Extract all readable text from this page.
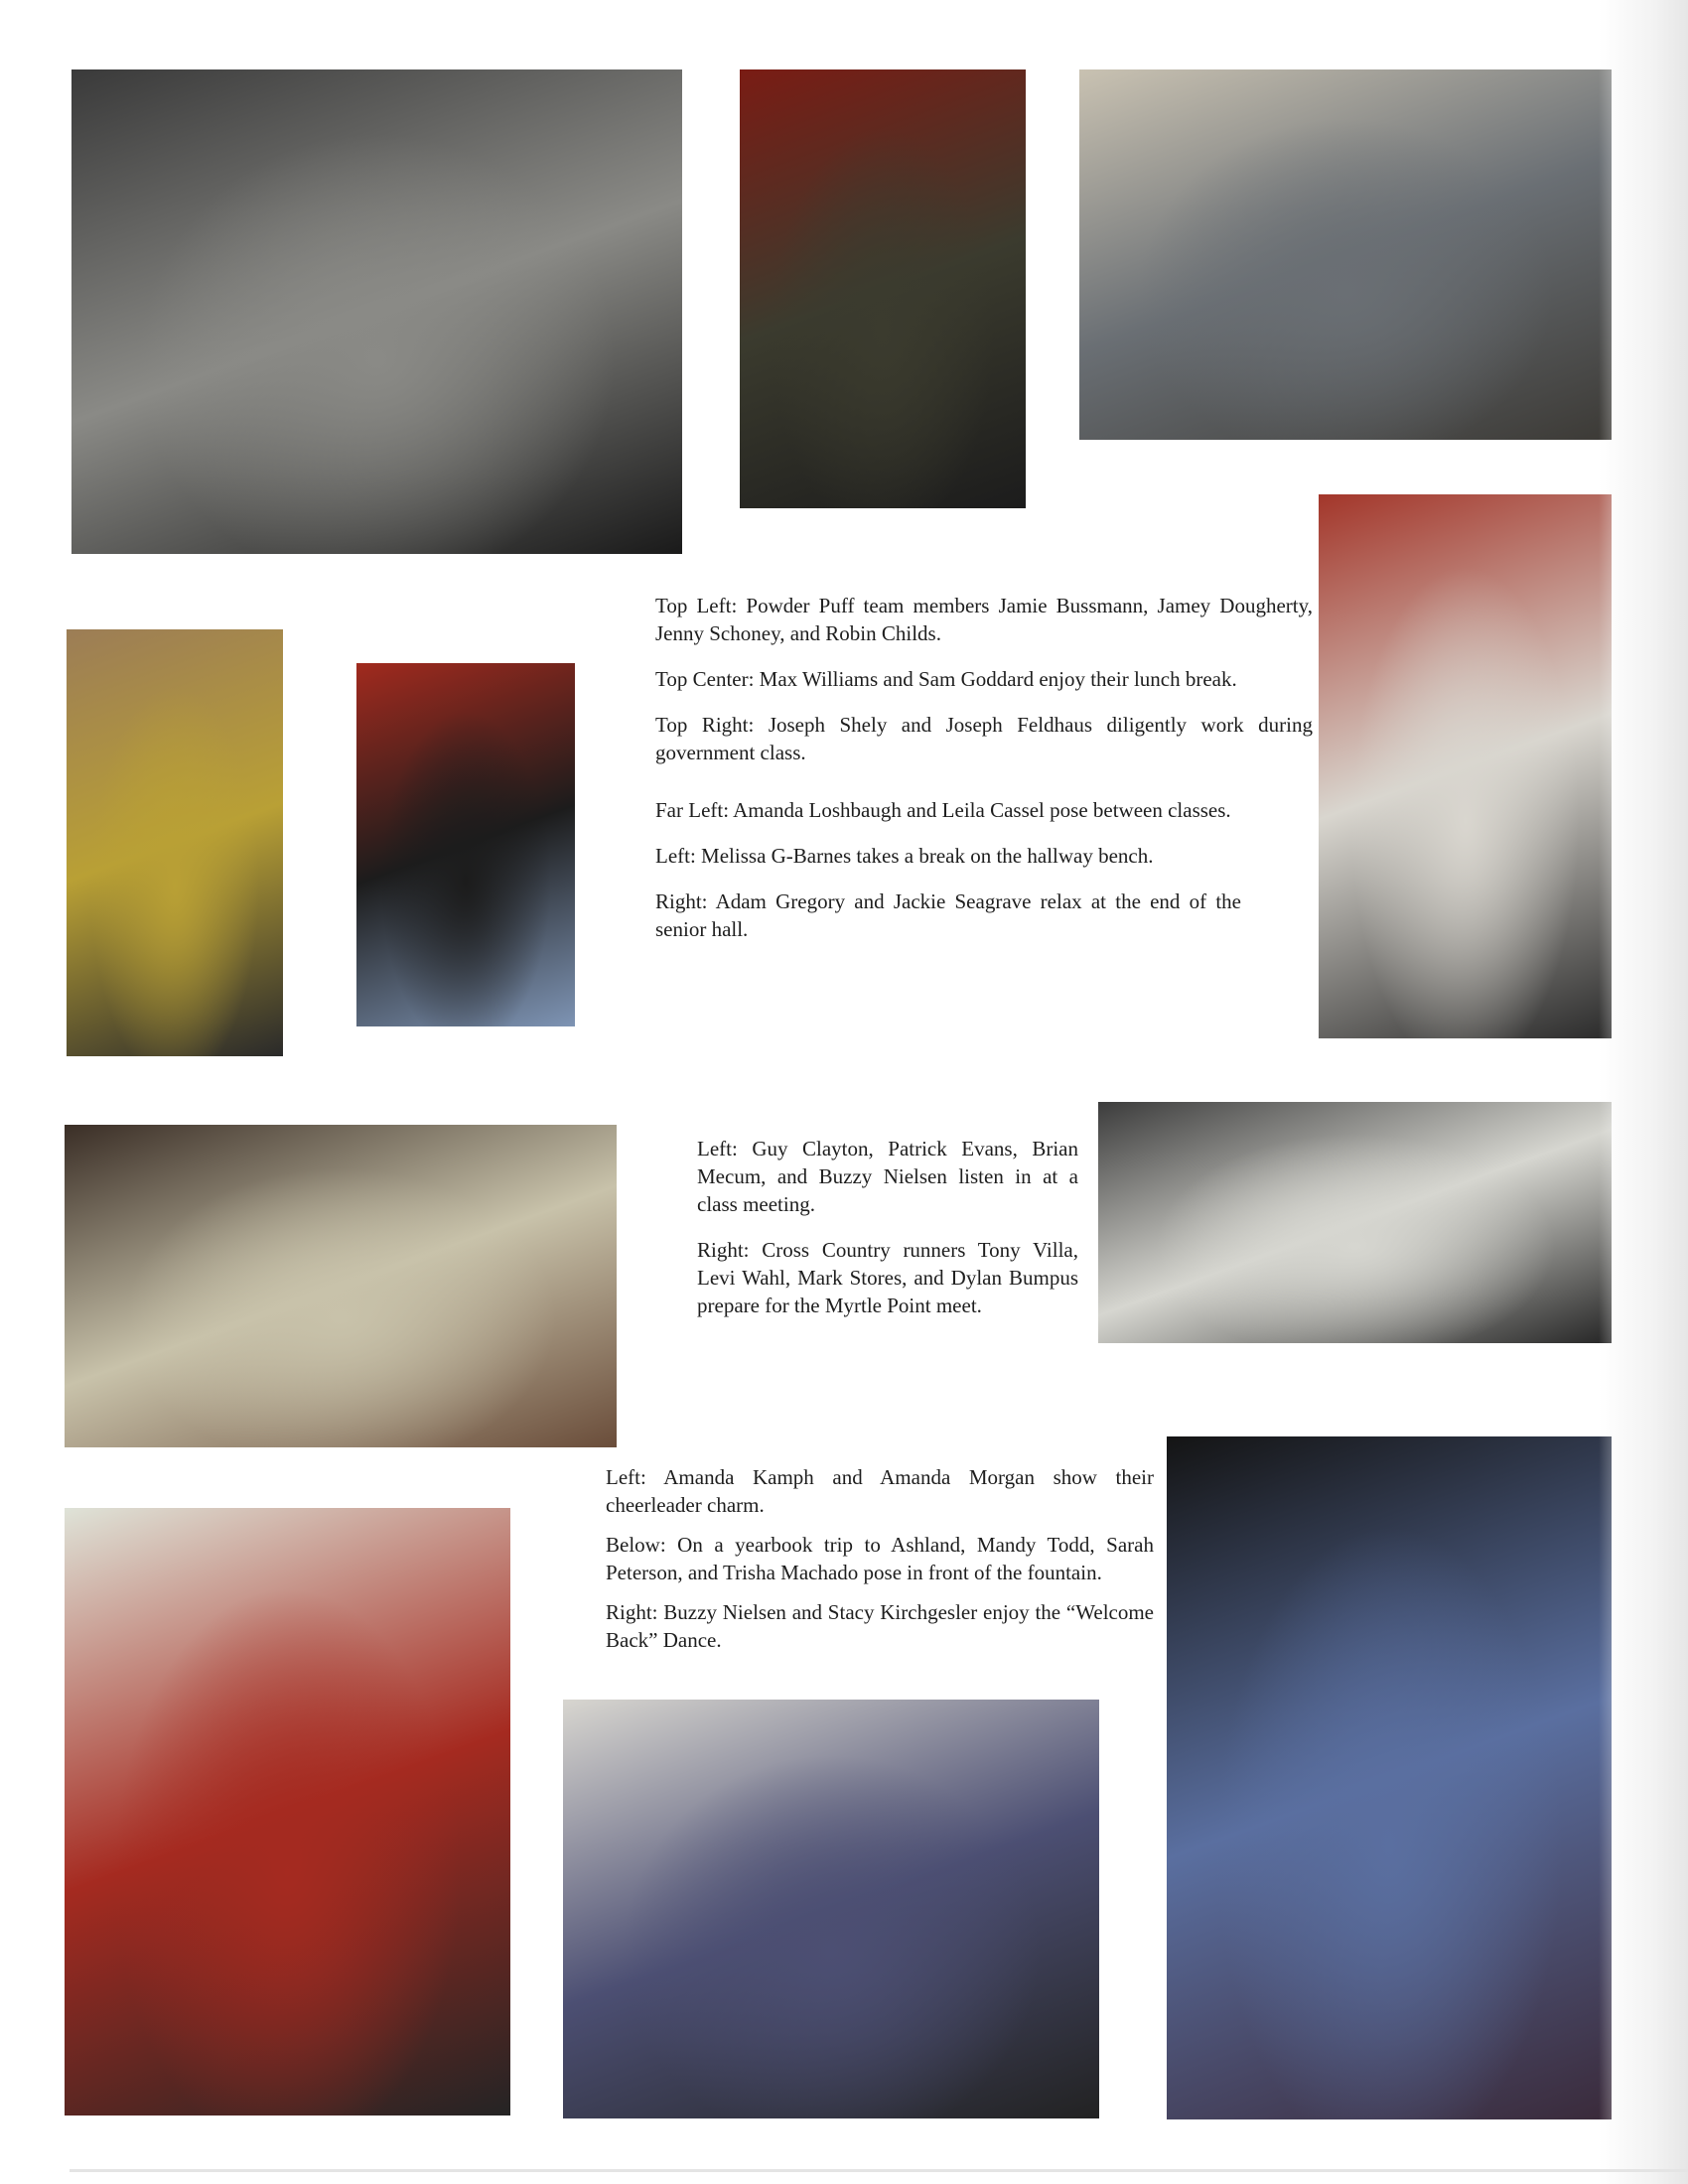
Top Left: Powder Puff team members Jamie Bussmann, Jamey Dougherty, Jenny Schoney, and Robin Childs.

Top Center: Max Williams and Sam Goddard enjoy their lunch break.

Top Right: Joseph Shely and Joseph Feldhaus diligently work during government class.

Far Left: Amanda Loshbaugh and Leila Cassel pose between classes.

Left: Melissa G-Barnes takes a break on the hallway bench.

Right: Adam Gregory and Jackie Seagrave relax at the end of the senior hall.

Left: Guy Clayton, Patrick Evans, Brian Mecum, and Buzzy Nielsen listen in at a class meeting.

Right: Cross Country runners Tony Villa, Levi Wahl, Mark Stores, and Dylan Bumpus prepare for the Myrtle Point meet.

Left: Amanda Kamph and Amanda Morgan show their cheerleader charm.

Below: On a yearbook trip to Ashland, Mandy Todd, Sarah Peterson, and Trisha Machado pose in front of the fountain.

Right: Buzzy Nielsen and Stacy Kirchgesler enjoy the “Welcome Back” Dance.
